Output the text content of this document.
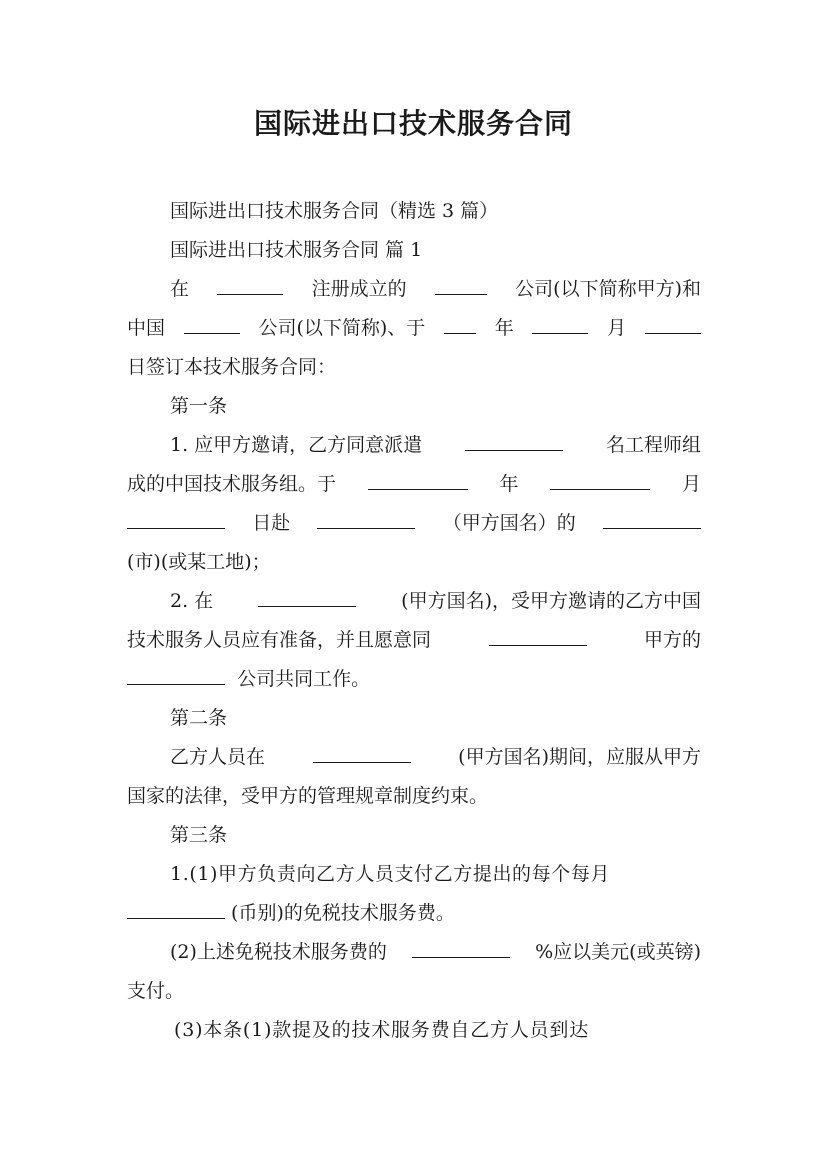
国际进出口技术服务合同
国际进出口技术服务合同（精选 3 篇）
国际进出口技术服务合同 篇 1
在	注册成立的	公司(以下简称甲方)和
中国	公司(以下简称)、于	年	月
日签订本技术服务合同：
第一条
1. 应甲方邀请，乙方同意派遣	名工程师组
成的中国技术服务组。于	年	月
日赴	（甲方国名）的
(市)(或某工地)；
2. 在	(甲方国名)，受甲方邀请的乙方中国
技术服务人员应有准备，并且愿意同	甲方的
公司共同工作。
第二条
乙方人员在	(甲方国名)期间，应服从甲方
国家的法律，受甲方的管理规章制度约束。
第三条
1.(1)甲方负责向乙方人员支付乙方提出的每个每月
(币别)的免税技术服务费。
(2)上述免税技术服务费的	%应以美元(或英镑)
支付。
(3)本条(1)款提及的技术服务费自乙方人员到达
